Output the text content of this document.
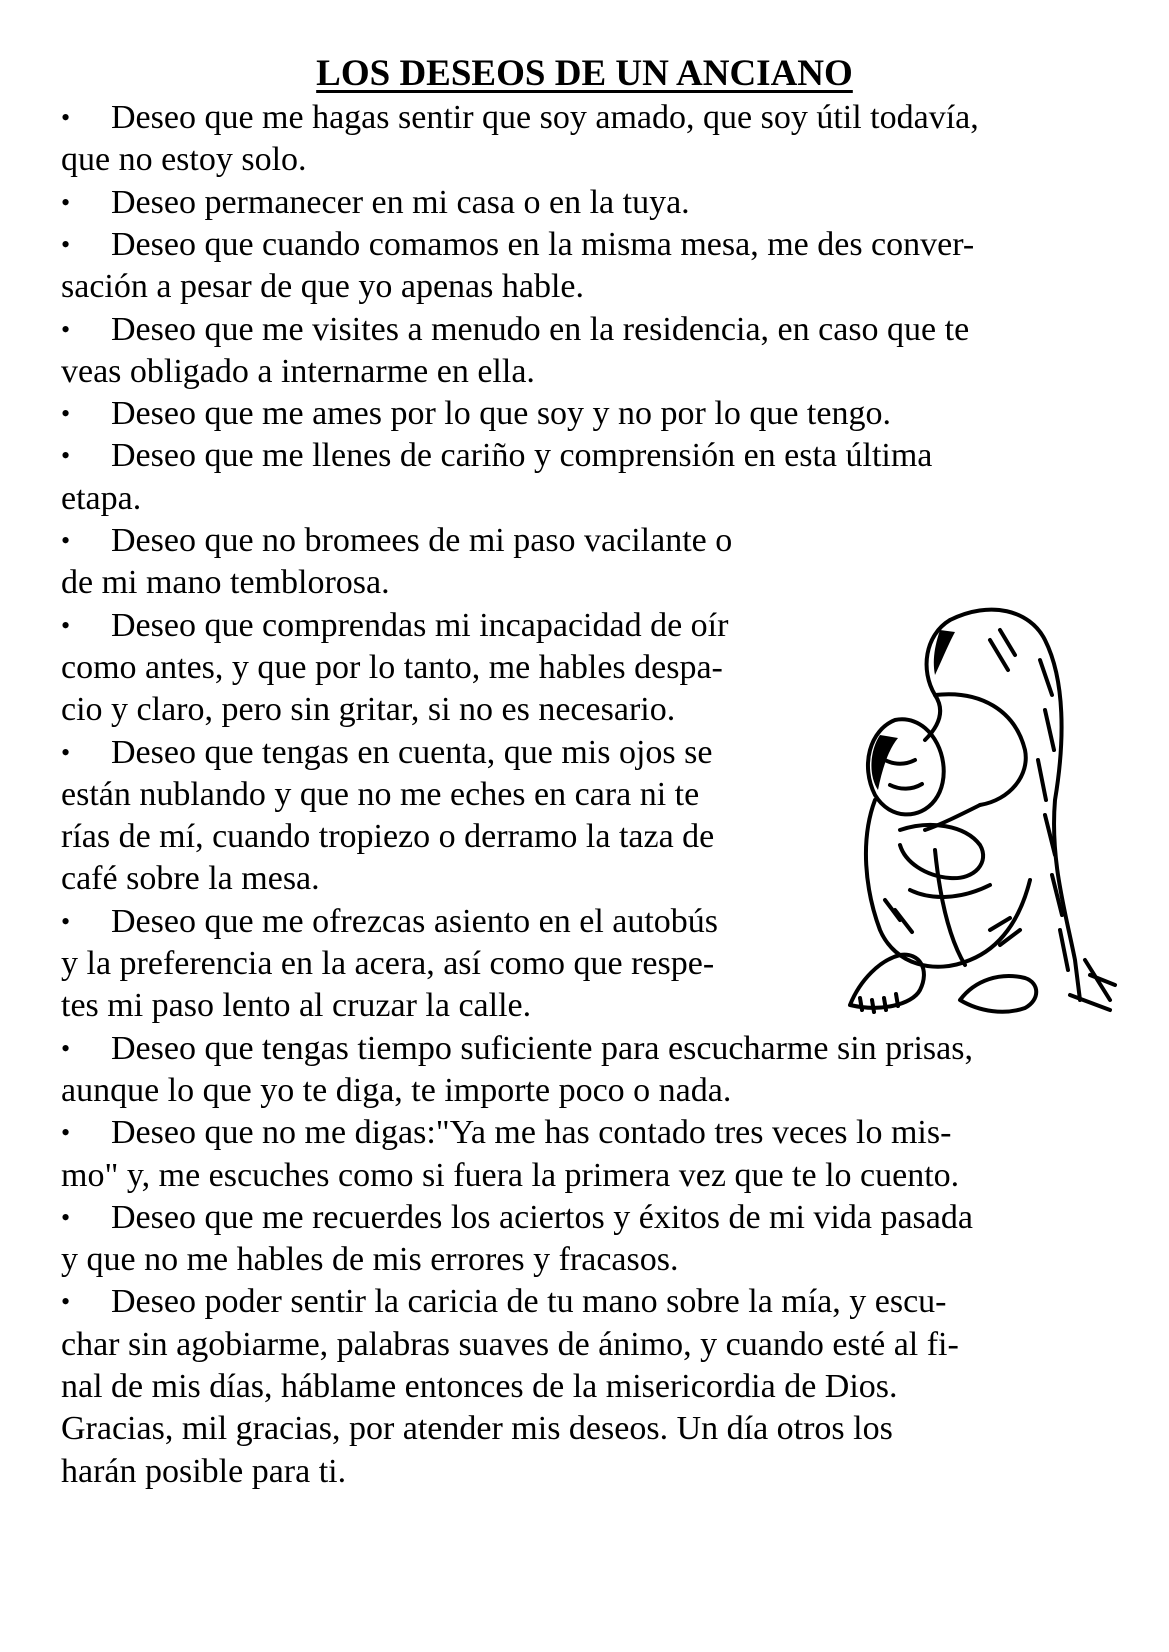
LOS DESEOS DE UN ANCIANO
• Deseo que me hagas sentir que soy amado, que soy útil todavía,
que no estoy solo.
• Deseo permanecer en mi casa o en la tuya.
• Deseo que cuando comamos en la misma mesa, me des conver-
sación a pesar de que yo apenas hable.
• Deseo que me visites a menudo en la residencia, en caso que te
veas obligado a internarme en ella.
• Deseo que me ames por lo que soy y no por lo que tengo.
• Deseo que me llenes de cariño y comprensión en esta última
etapa.
• Deseo que no bromees de mi paso vacilante o
de mi mano temblorosa.
• Deseo que comprendas mi incapacidad de oír
como antes, y que por lo tanto, me hables despa-
cio y claro, pero sin gritar, si no es necesario.
• Deseo que tengas en cuenta, que mis ojos se
están nublando y que no me eches en cara ni te
rías de mí, cuando tropiezo o derramo la taza de
café sobre la mesa.
• Deseo que me ofrezcas asiento en el autobús
y la preferencia en la acera, así como que respe-
tes mi paso lento al cruzar la calle.
• Deseo que tengas tiempo suficiente para escucharme sin prisas,
aunque lo que yo te diga, te importe poco o nada.
• Deseo que no me digas:"Ya me has contado tres veces lo mis-
mo" y, me escuches como si fuera la primera vez que te lo cuento.
• Deseo que me recuerdes los aciertos y éxitos de mi vida pasada
y que no me hables de mis errores y fracasos.
• Deseo poder sentir la caricia de tu mano sobre la mía, y escu-
char sin agobiarme, palabras suaves de ánimo, y cuando esté al fi-
nal de mis días, háblame entonces de la misericordia de Dios.
Gracias, mil gracias, por atender mis deseos. Un día otros los
harán posible para ti.
